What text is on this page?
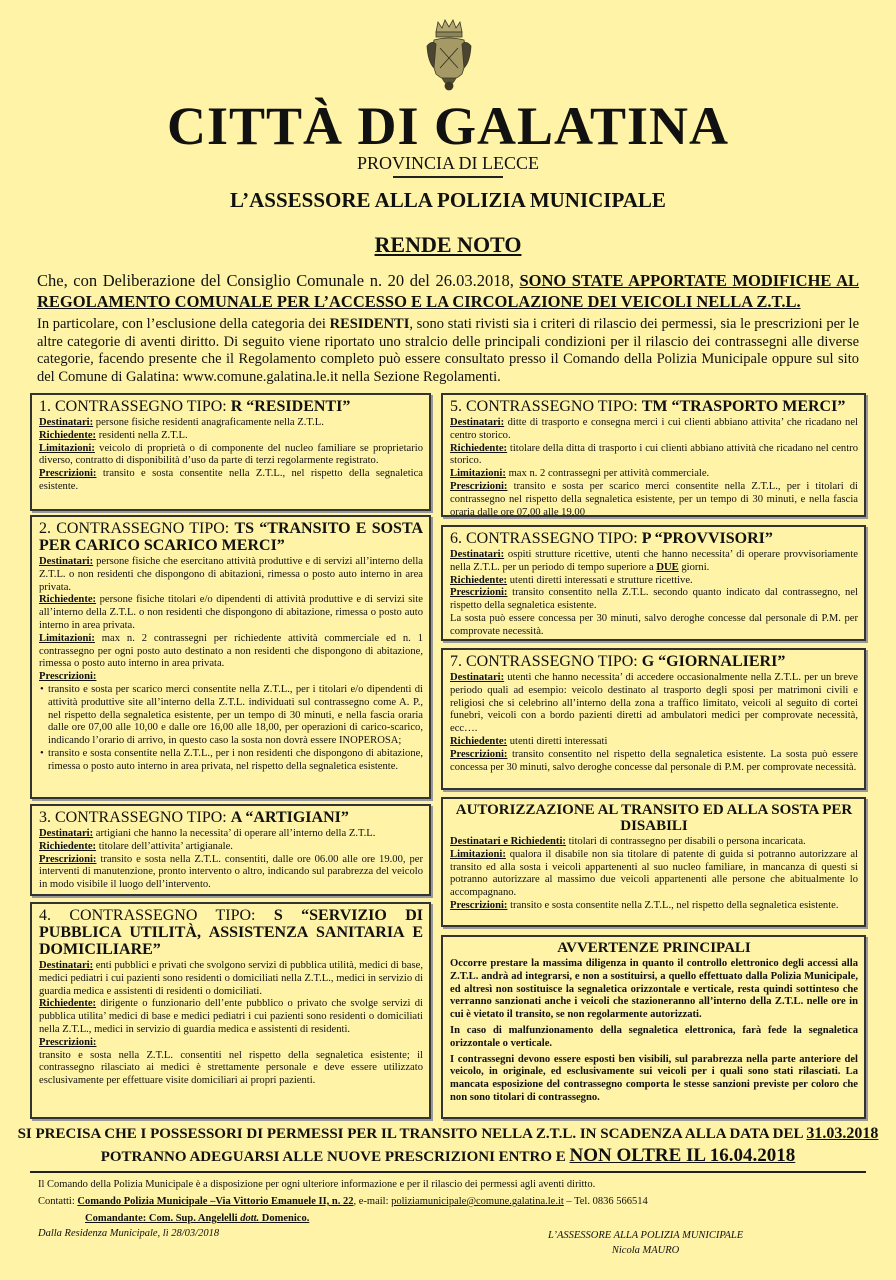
CITTÀ DI GALATINA
PROVINCIA DI LECCE
L’ASSESSORE ALLA POLIZIA MUNICIPALE
RENDE NOTO
Che, con Deliberazione del Consiglio Comunale n. 20 del 26.03.2018, SONO STATE APPORTATE MODIFICHE AL REGOLAMENTO COMUNALE PER L’ACCESSO E LA CIRCOLAZIONE DEI VEICOLI NELLA Z.T.L.
In particolare, con l’esclusione della categoria dei RESIDENTI, sono stati rivisti sia i criteri di rilascio dei permessi, sia le prescrizioni per le altre categorie di aventi diritto. Di seguito viene riportato uno stralcio delle principali condizioni per il rilascio dei contrassegni alle diverse categorie, facendo presente che il Regolamento completo può essere consultato presso il Comando della Polizia Municipale oppure sul sito del Comune di Galatina: www.comune.galatina.le.it nella Sezione Regolamenti.
1. CONTRASSEGNO TIPO: R “RESIDENTI”

Destinatari: persone fisiche residenti anagraficamente nella Z.T.L.

Richiedente: residenti nella Z.T.L.

Limitazioni: veicolo di proprietà o di componente del nucleo familiare se proprietario diverso, contratto di disponibilità d’uso da parte di terzi regolarmente registrato.

Prescrizioni: transito e sosta consentite nella Z.T.L., nel rispetto della segnaletica esistente.

2. CONTRASSEGNO TIPO: TS “TRANSITO E SOSTA PER CARICO SCARICO MERCI”

Destinatari: persone fisiche che esercitano attività produttive e di servizi all’interno della Z.T.L. o non residenti che dispongono di abitazioni, rimessa o posto auto interno in area privata.

Richiedente: persone fisiche titolari e/o dipendenti di attività produttive e di servizi site all’interno della Z.T.L. o non residenti che dispongono di abitazione, rimessa o posto auto interno in area privata.

Limitazioni: max n. 2 contrassegni per richiedente attività commerciale ed n. 1 contrassegno per ogni posto auto destinato a non residenti che dispongono di abitazione, rimessa o posto auto interno in area privata.

Prescrizioni:

• transito e sosta per scarico merci consentite nella Z.T.L., per i titolari e/o dipendenti di attività produttive site all’interno della Z.T.L. individuati sul contrassegno come A. P., nel rispetto della segnaletica esistente, per un tempo di 30 minuti, e nella fascia oraria dalle ore 07,00 alle 10,00 e dalle ore 16,00 alle 18,00, per operazioni di carico-scarico, indicando l’orario di arrivo, in questo caso la sosta non dovrà essere INOPEROSA;
• transito e sosta consentite nella Z.T.L., per i non residenti che dispongono di abitazione, rimessa o posto auto interno in area privata, nel rispetto della segnaletica esistente.
3. CONTRASSEGNO TIPO: A “ARTIGIANI”

Destinatari: artigiani che hanno la necessita’ di operare all’interno della Z.T.L.

Richiedente: titolare dell’attivita’ artigianale.

Prescrizioni: transito e sosta nella Z.T.L. consentiti, dalle ore 06.00 alle ore 19.00, per interventi di manutenzione, pronto intervento o altro, indicando sul parabrezza del veicolo in modo visibile il luogo dell’intervento.

4. CONTRASSEGNO TIPO: S “SERVIZIO DI PUBBLICA UTILITÀ, ASSISTENZA SANITARIA E DOMICILIARE”

Destinatari: enti pubblici e privati che svolgono servizi di pubblica utilità, medici di base, medici pediatri i cui pazienti sono residenti o domiciliati nella Z.T.L., medici in servizio di guardia medica e assistenti di residenti o domiciliati.

Richiedente: dirigente o funzionario dell’ente pubblico o privato che svolge servizi di pubblica utilita’ medici di base e medici pediatri i cui pazienti sono residenti o domiciliati nella Z.T.L., medici in servizio di guardia medica e assistenti di residenti.

Prescrizioni:

transito e sosta nella Z.T.L. consentiti nel rispetto della segnaletica esistente; il contrassegno rilasciato ai medici è strettamente personale e deve essere utilizzato esclusivamente per effettuare visite domiciliari ai propri pazienti.

5. CONTRASSEGNO TIPO: TM “TRASPORTO MERCI”

Destinatari: ditte di trasporto e consegna merci i cui clienti abbiano attivita’ che ricadano nel centro storico.

Richiedente: titolare della ditta di trasporto i cui clienti abbiano attività che ricadano nel centro storico.

Limitazioni: max n. 2 contrassegni per attività commerciale.

Prescrizioni: transito e sosta per scarico merci consentite nella Z.T.L., per i titolari di contrassegno nel rispetto della segnaletica esistente, per un tempo di 30 minuti, e nella fascia oraria dalle ore 07,00 alle 19,00

6. CONTRASSEGNO TIPO: P “PROVVISORI”

Destinatari: ospiti strutture ricettive, utenti che hanno necessita’ di operare provvisoriamente nella Z.T.L. per un periodo di tempo superiore a DUE giorni.

Richiedente: utenti diretti interessati e strutture ricettive.

Prescrizioni: transito consentito nella Z.T.L. secondo quanto indicato dal contrassegno, nel rispetto della segnaletica esistente.

La sosta può essere concessa per 30 minuti, salvo deroghe concesse dal personale di P.M. per comprovate necessità.

7. CONTRASSEGNO TIPO: G “GIORNALIERI”

Destinatari: utenti che hanno necessita’ di accedere occasionalmente nella Z.T.L. per un breve periodo quali ad esempio: veicolo destinato al trasporto degli sposi per matrimoni civili e religiosi che si celebrino all’interno della zona a traffico limitato, veicoli al seguito di cortei funebri, veicoli con a bordo pazienti diretti ad ambulatori medici per comprovate necessità, ecc….

Richiedente: utenti diretti interessati

Prescrizioni: transito consentito nel rispetto della segnaletica esistente. La sosta può essere concessa per 30 minuti, salvo deroghe concesse dal personale di P.M. per comprovate necessità.

AUTORIZZAZIONE AL TRANSITO ED ALLA SOSTA PER DISABILI

Destinatari e Richiedenti: titolari di contrassegno per disabili o persona incaricata.

Limitazioni: qualora il disabile non sia titolare di patente di guida si potranno autorizzare al transito ed alla sosta i veicoli appartenenti al suo nucleo familiare, in mancanza di questi si potranno autorizzare al massimo due veicoli appartenenti alle persone che abitualmente lo accompagnano.

Prescrizioni: transito e sosta consentite nella Z.T.L., nel rispetto della segnaletica esistente.

AVVERTENZE PRINCIPALI

Occorre prestare la massima diligenza in quanto il controllo elettronico degli accessi alla Z.T.L. andrà ad integrarsi, e non a sostituirsi, a quello effettuato dalla Polizia Municipale, ed altresì non sostituisce la segnaletica orizzontale e verticale, resta quindi sottinteso che verranno sanzionati anche i veicoli che stazioneranno all’interno della Z.T.L. nelle ore in cui è vietato il transito, se non regolarmente autorizzati.

In caso di malfunzionamento della segnaletica elettronica, farà fede la segnaletica orizzontale o verticale.

I contrassegni devono essere esposti ben visibili, sul parabrezza nella parte anteriore del veicolo, in originale, ed esclusivamente sui veicoli per i quali sono stati rilasciati. La mancata esposizione del contrassegno comporta le stesse sanzioni previste per coloro che non sono titolari di contrassegno.

SI PRECISA CHE I POSSESSORI DI PERMESSI PER IL TRANSITO NELLA Z.T.L. IN SCADENZA ALLA DATA DEL 31.03.2018
POTRANNO ADEGUARSI ALLE NUOVE PRESCRIZIONI ENTRO E NON OLTRE IL 16.04.2018
Il Comando della Polizia Municipale è a disposizione per ogni ulteriore informazione e per il rilascio dei permessi agli aventi diritto.
Contatti: Comando Polizia Municipale –Via Vittorio Emanuele II, n. 22, e-mail: poliziamunicipale@comune.galatina.le.it – Tel. 0836 566514
Comandante: Com. Sup. Angelelli dott. Domenico.
Dalla Residenza Municipale, lì 28/03/2018	L’ASSESSORE ALLA POLIZIA MUNICIPALE
Nicola MAURO
